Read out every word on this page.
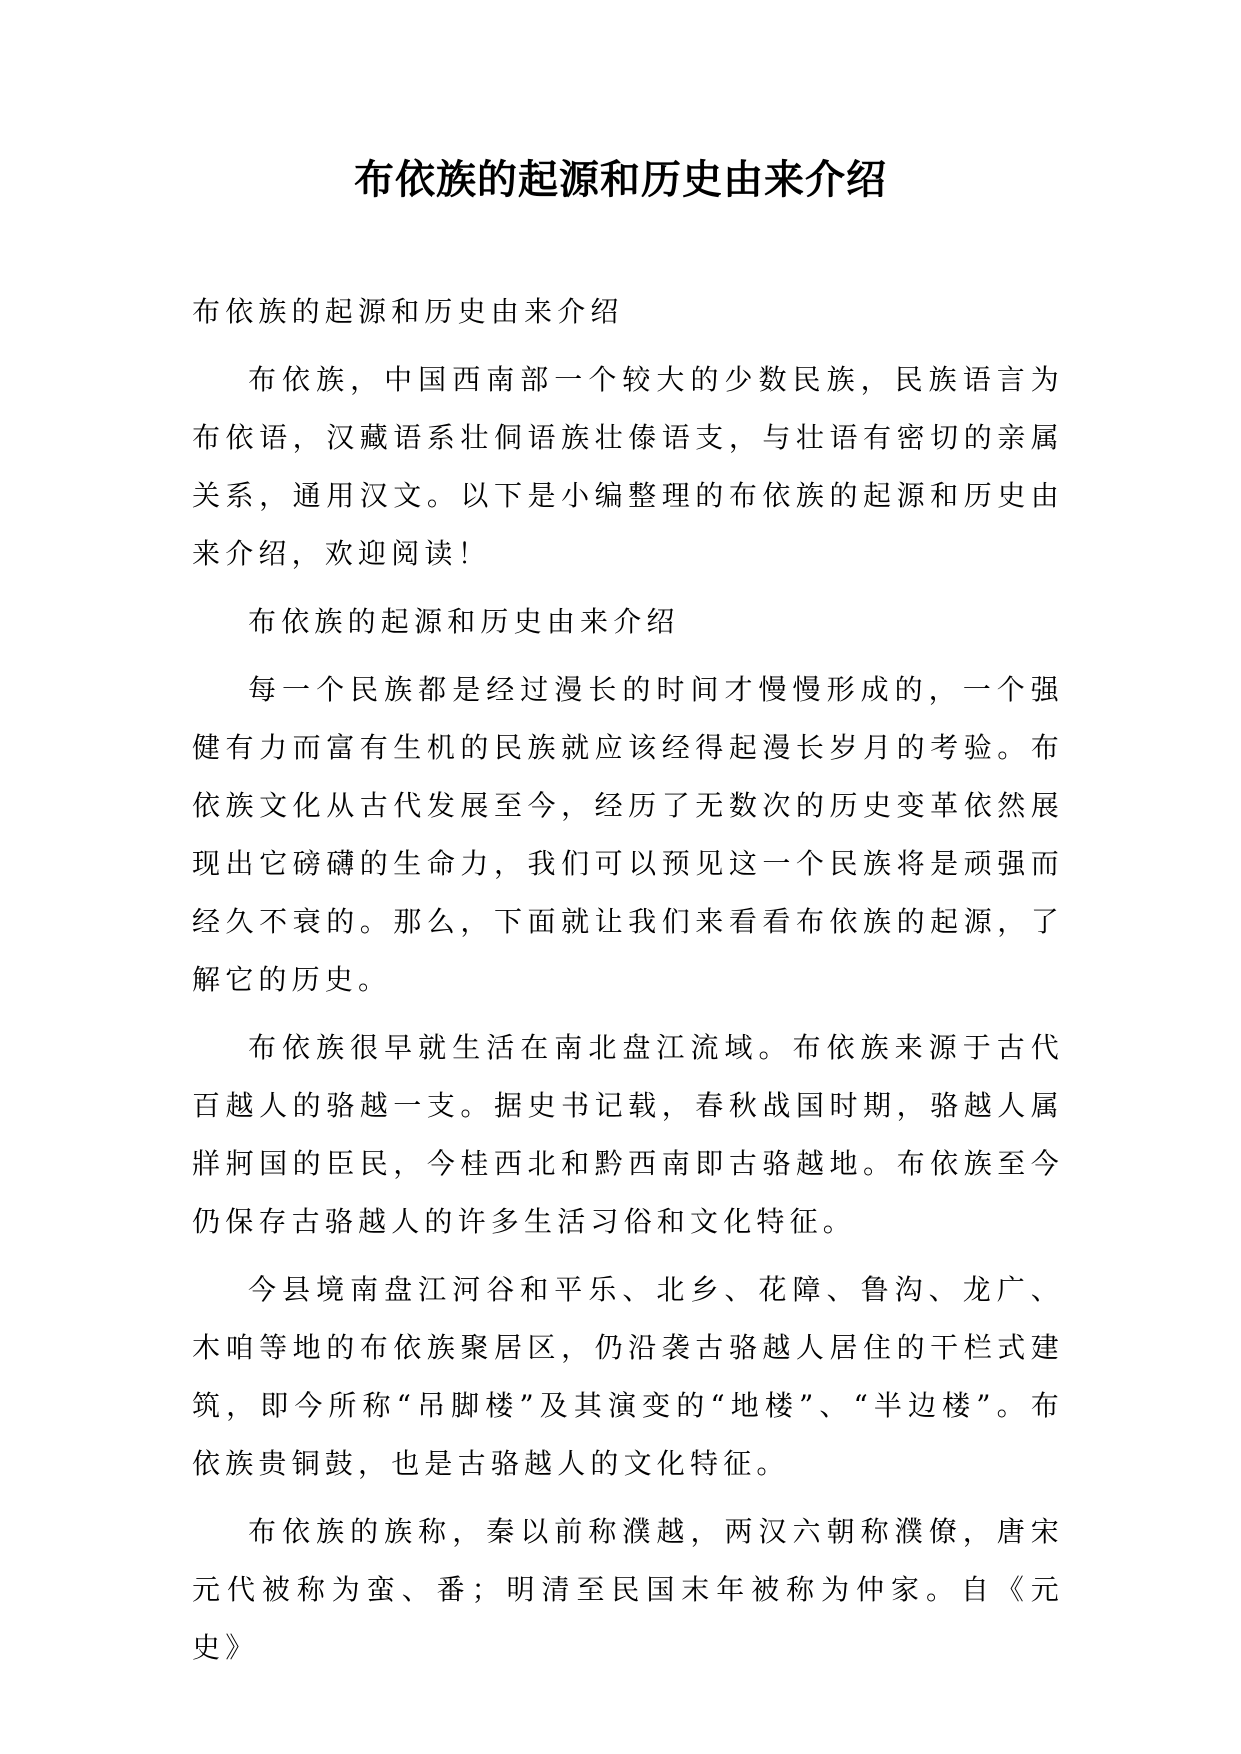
布依族的起源和历史由来介绍

布依族的起源和历史由来介绍

布依族，中国西南部一个较大的少数民族，民族语言为布依语，汉藏语系壮侗语族壮傣语支，与壮语有密切的亲属关系，通用汉文。以下是小编整理的布依族的起源和历史由来介绍，欢迎阅读！

布依族的起源和历史由来介绍

每一个民族都是经过漫长的时间才慢慢形成的，一个强健有力而富有生机的民族就应该经得起漫长岁月的考验。布依族文化从古代发展至今，经历了无数次的历史变革依然展现出它磅礴的生命力，我们可以预见这一个民族将是顽强而经久不衰的。那么，下面就让我们来看看布依族的起源，了解它的历史。

布依族很早就生活在南北盘江流域。布依族来源于古代百越人的骆越一支。据史书记载，春秋战国时期，骆越人属牂牁国的臣民，今桂西北和黔西南即古骆越地。布依族至今仍保存古骆越人的许多生活习俗和文化特征。

今县境南盘江河谷和平乐、北乡、花障、鲁沟、龙广、木咱等地的布依族聚居区，仍沿袭古骆越人居住的干栏式建筑，即今所称“吊脚楼”及其演变的“地楼”、“半边楼”。布依族贵铜鼓，也是古骆越人的文化特征。

布依族的族称，秦以前称濮越，两汉六朝称濮僚，唐宋元代被称为蛮、番；明清至民国末年被称为仲家。自《元史》
